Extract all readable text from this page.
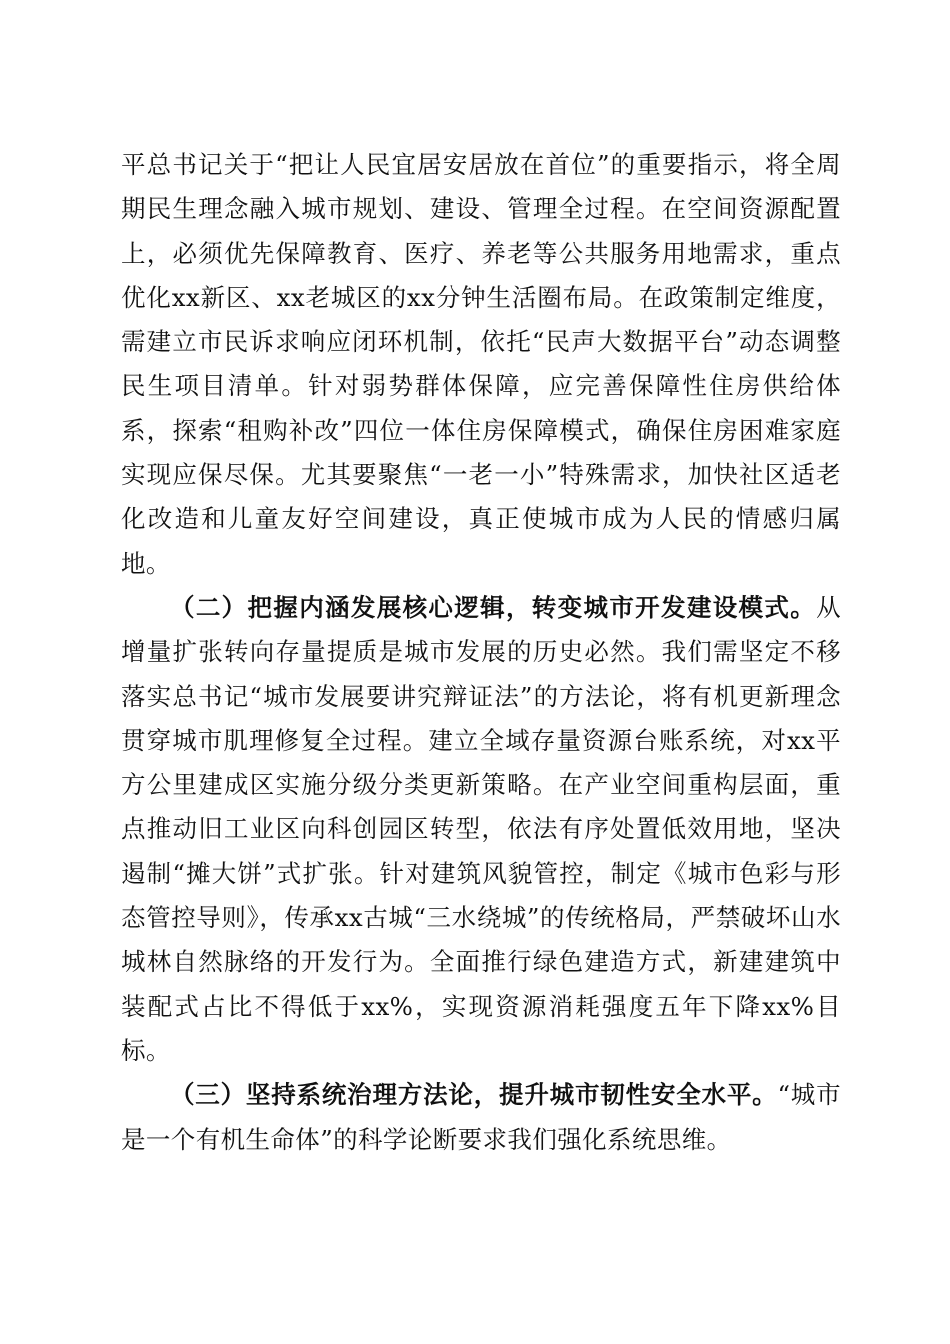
平总书记关于“把让人民宜居安居放在首位”的重要指示，将全周期民生理念融入城市规划、建设、管理全过程。在空间资源配置上，必须优先保障教育、医疗、养老等公共服务用地需求，重点优化xx新区、xx老城区的xx分钟生活圈布局。在政策制定维度，需建立市民诉求响应闭环机制，依托“民声大数据平台”动态调整民生项目清单。针对弱势群体保障，应完善保障性住房供给体系，探索“租购补改”四位一体住房保障模式，确保住房困难家庭实现应保尽保。尤其要聚焦“一老一小”特殊需求，加快社区适老化改造和儿童友好空间建设，真正使城市成为人民的情感归属地。

（二）把握内涵发展核心逻辑，转变城市开发建设模式。从增量扩张转向存量提质是城市发展的历史必然。我们需坚定不移落实总书记“城市发展要讲究辩证法”的方法论，将有机更新理念贯穿城市肌理修复全过程。建立全域存量资源台账系统，对xx平方公里建成区实施分级分类更新策略。在产业空间重构层面，重点推动旧工业区向科创园区转型，依法有序处置低效用地，坚决遏制“摊大饼”式扩张。针对建筑风貌管控，制定《城市色彩与形态管控导则》，传承xx古城“三水绕城”的传统格局，严禁破坏山水城林自然脉络的开发行为。全面推行绿色建造方式，新建建筑中装配式占比不得低于xx%，实现资源消耗强度五年下降xx%目标。

（三）坚持系统治理方法论，提升城市韧性安全水平。“城市是一个有机生命体”的科学论断要求我们强化系统思维。
